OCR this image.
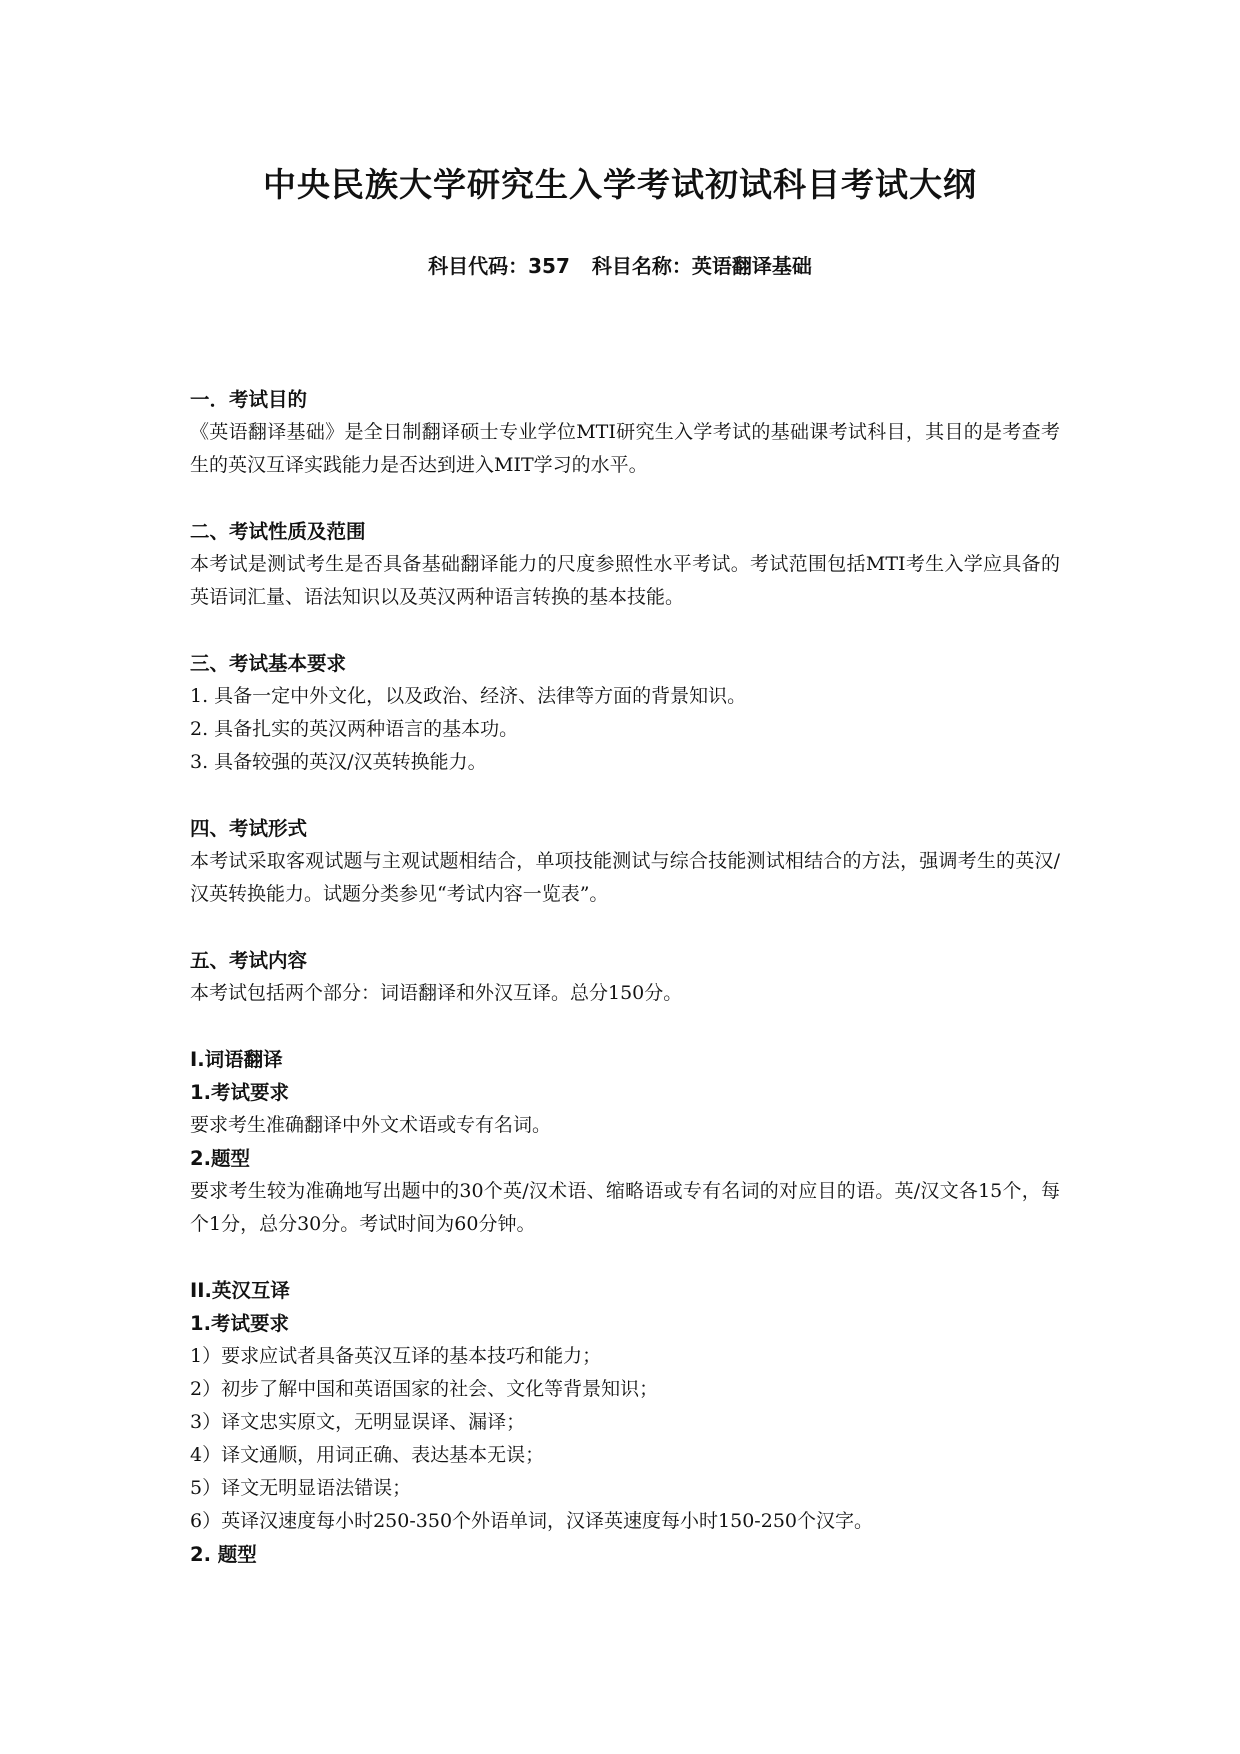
中央民族大学研究生入学考试初试科目考试大纲
科目代码：357 科目名称：英语翻译基础

一．考试目的

《英语翻译基础》是全日制翻译硕士专业学位MTI研究生入学考试的基础课考试科目，其目的是考查考生的英汉互译实践能力是否达到进入MIT学习的水平。

二、考试性质及范围

本考试是测试考生是否具备基础翻译能力的尺度参照性水平考试。考试范围包括MTI考生入学应具备的英语词汇量、语法知识以及英汉两种语言转换的基本技能。

三、考试基本要求

1. 具备一定中外文化，以及政治、经济、法律等方面的背景知识。

2. 具备扎实的英汉两种语言的基本功。

3. 具备较强的英汉/汉英转换能力。

四、考试形式

本考试采取客观试题与主观试题相结合，单项技能测试与综合技能测试相结合的方法，强调考生的英汉/汉英转换能力。试题分类参见“考试内容一览表”。

五、考试内容

本考试包括两个部分：词语翻译和外汉互译。总分150分。

I.词语翻译

1.考试要求

要求考生准确翻译中外文术语或专有名词。

2.题型

要求考生较为准确地写出题中的30个英/汉术语、缩略语或专有名词的对应目的语。英/汉文各15个，每个1分，总分30分。考试时间为60分钟。

II.英汉互译

1.考试要求

1）要求应试者具备英汉互译的基本技巧和能力；

2）初步了解中国和英语国家的社会、文化等背景知识；

3）译文忠实原文，无明显误译、漏译；

4）译文通顺，用词正确、表达基本无误；

5）译文无明显语法错误；

6）英译汉速度每小时250-350个外语单词，汉译英速度每小时150-250个汉字。

2. 题型
